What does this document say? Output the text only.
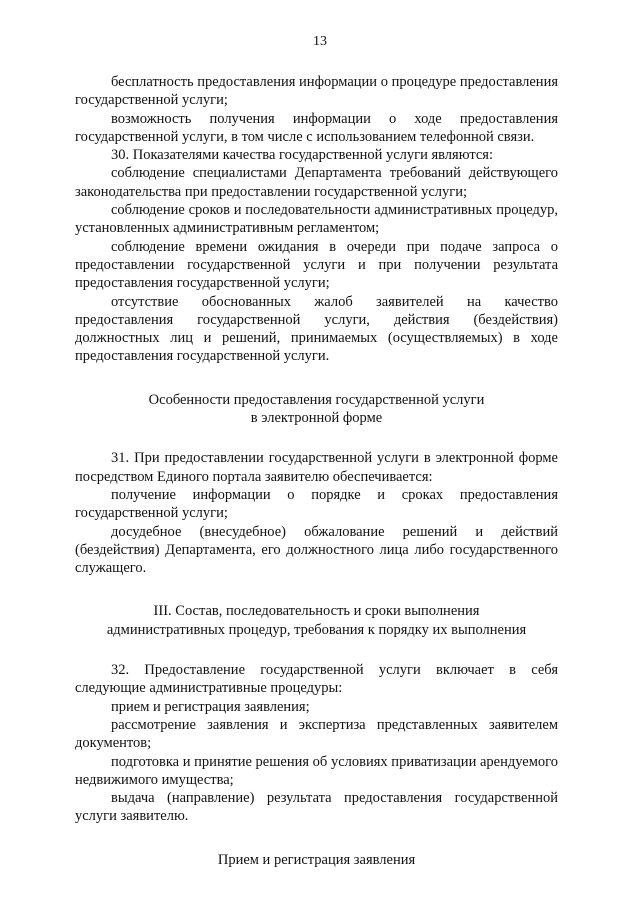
13

бесплатность предоставления информации о процедуре предоставления государственной услуги;

возможность получения информации о ходе предоставления государственной услуги, в том числе с использованием телефонной связи.

30. Показателями качества государственной услуги являются:

соблюдение специалистами Департамента требований действующего законодательства при предоставлении государственной услуги;

соблюдение сроков и последовательности административных процедур, установленных административным регламентом;

соблюдение времени ожидания в очереди при подаче запроса о предоставлении государственной услуги и при получении результата предоставления государственной услуги;

отсутствие обоснованных жалоб заявителей на качество предоставления государственной услуги, действия (бездействия) должностных лиц и решений, принимаемых (осуществляемых) в ходе предоставления государственной услуги.

Особенности предоставления государственной услуги

в электронной форме

31. При предоставлении государственной услуги в электронной форме посредством Единого портала заявителю обеспечивается:

получение информации о порядке и сроках предоставления государственной услуги;

досудебное (внесудебное) обжалование решений и действий (бездействия) Департамента, его должностного лица либо государственного служащего.

III. Состав, последовательность и сроки выполнения

административных процедур, требования к порядку их выполнения

32. Предоставление государственной услуги включает в себя следующие административные процедуры:

прием и регистрация заявления;

рассмотрение заявления и экспертиза представленных заявителем документов;

подготовка и принятие решения об условиях приватизации арендуемого недвижимого имущества;

выдача (направление) результата предоставления государственной услуги заявителю.

Прием и регистрация заявления
